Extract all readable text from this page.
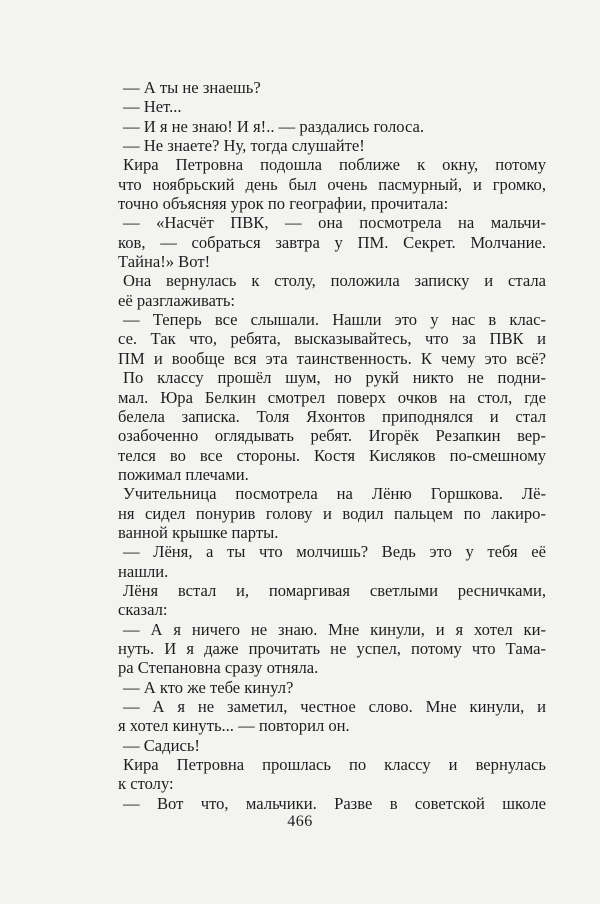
— А ты не знаешь?
— Нет...
— И я не знаю! И я!.. — раздались голоса.
— Не знаете? Ну, тогда слушайте!
Кира Петровна подошла поближе к окну, потому
что ноябрьский день был очень пасмурный, и громко,
точно объясняя урок по географии, прочитала:
— «Насчёт ПВК, — она посмотрела на мальчи-
ков, — собраться завтра у ПМ. Секрет. Молчание.
Тайна!» Вот!
Она вернулась к столу, положила записку и стала
её разглаживать:
— Теперь все слышали. Нашли это у нас в клас-
се. Так что, ребята, высказывайтесь, что за ПВК и
ПМ и вообще вся эта таинственность. К чему это всё?
По классу прошёл шум, но рукй никто не подни-
мал. Юра Белкин смотрел поверх очков на стол, где
белела записка. Толя Яхонтов приподнялся и стал
озабоченно оглядывать ребят. Игорёк Резапкин вер-
телся во все стороны. Костя Кисляков по-смешному
пожимал плечами.
Учительница посмотрела на Лёню Горшкова. Лё-
ня сидел понурив голову и водил пальцем по лакиро-
ванной крышке парты.
— Лёня, а ты что молчишь? Ведь это у тебя её
нашли.
Лёня встал и, помаргивая светлыми ресничками,
сказал:
— А я ничего не знаю. Мне кинули, и я хотел ки-
нуть. И я даже прочитать не успел, потому что Тама-
ра Степановна сразу отняла.
— А кто же тебе кинул?
— А я не заметил, честное слово. Мне кинули, и
я хотел кинуть... — повторил он.
— Садись!
Кира Петровна прошлась по классу и вернулась
к столу:
— Вот что, мальчики. Разве в советской школе
466
